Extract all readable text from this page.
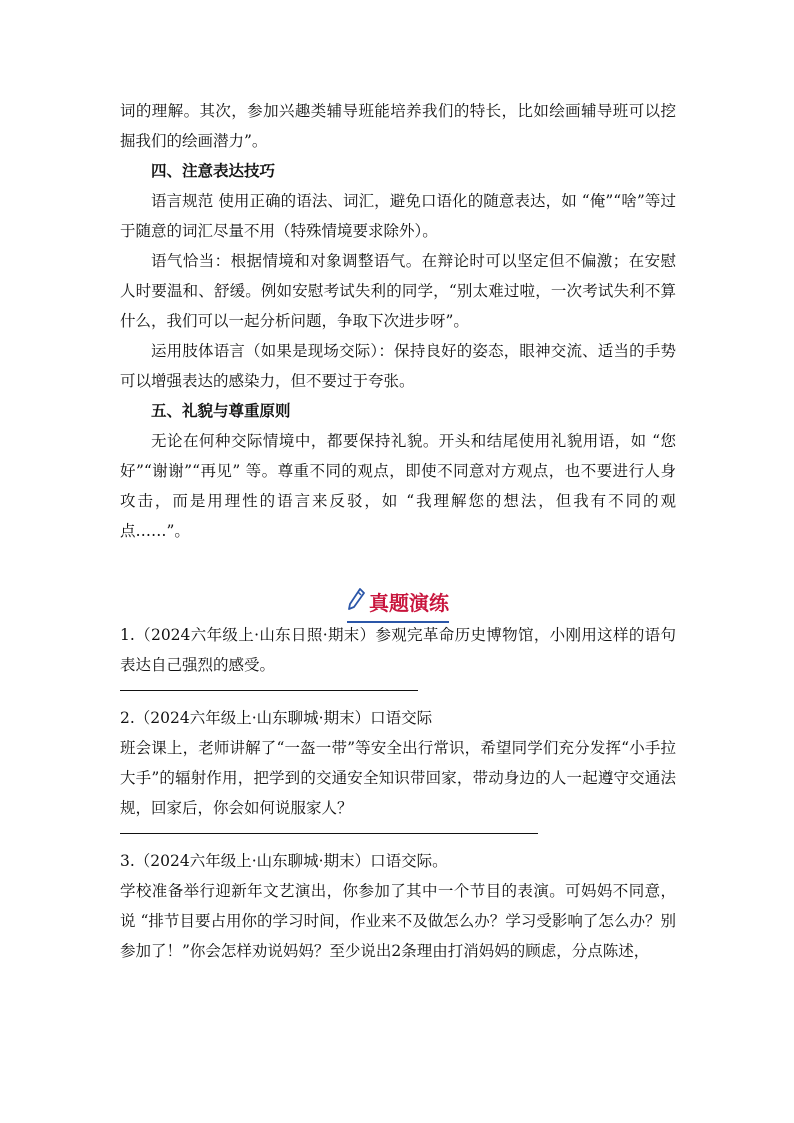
词的理解。其次，参加兴趣类辅导班能培养我们的特长，比如绘画辅导班可以挖掘我们的绘画潜力”。

四、注意表达技巧

语言规范 使用正确的语法、词汇，避免口语化的随意表达，如 “俺”“啥”等过于随意的词汇尽量不用（特殊情境要求除外）。

语气恰当：根据情境和对象调整语气。在辩论时可以坚定但不偏激；在安慰人时要温和、舒缓。例如安慰考试失利的同学，“别太难过啦，一次考试失利不算什么，我们可以一起分析问题，争取下次进步呀”。

运用肢体语言（如果是现场交际）：保持良好的姿态，眼神交流、适当的手势可以增强表达的感染力，但不要过于夸张。

五、礼貌与尊重原则

无论在何种交际情境中，都要保持礼貌。开头和结尾使用礼貌用语，如 “您好”“谢谢”“再见” 等。尊重不同的观点，即使不同意对方观点，也不要进行人身攻击，而是用理性的语言来反驳，如 “我理解您的想法，但我有不同的观点……”。

真题演练

1.（2024六年级上·山东日照·期末）参观完革命历史博物馆，小刚用这样的语句表达自己强烈的感受。

2.（2024六年级上·山东聊城·期末）口语交际

班会课上，老师讲解了“一盔一带”等安全出行常识，希望同学们充分发挥“小手拉大手”的辐射作用，把学到的交通安全知识带回家，带动身边的人一起遵守交通法规，回家后，你会如何说服家人？

3.（2024六年级上·山东聊城·期末）口语交际。

学校准备举行迎新年文艺演出，你参加了其中一个节目的表演。可妈妈不同意，说 “排节目要占用你的学习时间，作业来不及做怎么办？学习受影响了怎么办？别参加了！”你会怎样劝说妈妈？至少说出2条理由打消妈妈的顾虑，分点陈述，
